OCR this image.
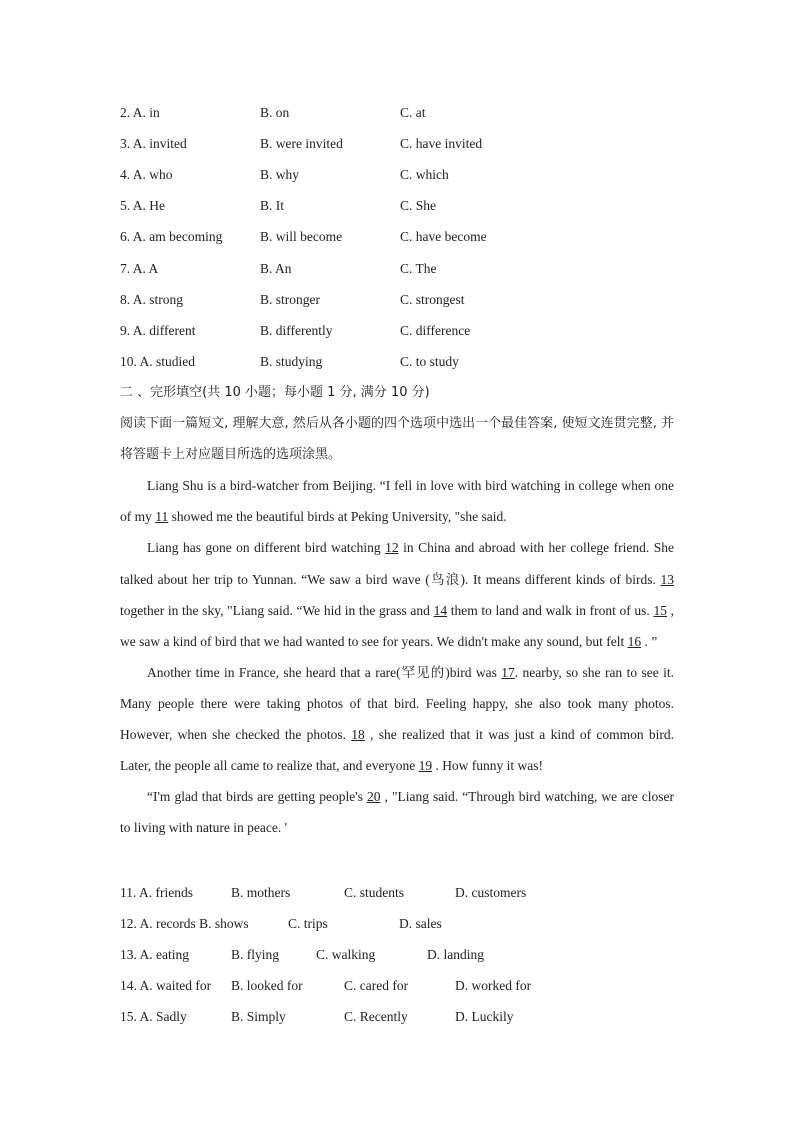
2. A. in	B. on	C. at
3. A. invited	B. were invited	C. have invited
4. A. who	B. why	C. which
5. A. He	B. It	C. She
6. A. am becoming	B. will become	C. have become
7. A. A	B. An	C. The
8. A. strong	B. stronger	C. strongest
9. A. different	B. differently	C. difference
10. A. studied	B. studying	C. to study

二 、完形填空(共 10 小题；每小题 1 分, 满分 10 分)

阅读下面一篇短文, 理解大意, 然后从各小题的四个选项中选出一个最佳答案, 使短文连贯完整, 并将答题卡上对应题目所选的选项涂黑。

Liang Shu is a bird-watcher from Beijing. “I fell in love with bird watching in college when one of my 11 showed me the beautiful birds at Peking University, "she said.

Liang has gone on different bird watching 12 in China and abroad with her college friend. She talked about her trip to Yunnan. “We saw a bird wave (鸟浪). It means different kinds of birds. 13 together in the sky, "Liang said. “We hid in the grass and 14 them to land and walk in front of us. 15 , we saw a kind of bird that we had wanted to see for years. We didn't make any sound, but felt 16 . ”

Another time in France, she heard that a rare(罕见的)bird was 17. nearby, so she ran to see it. Many people there were taking photos of that bird. Feeling happy, she also took many photos. However, when she checked the photos. 18 , she realized that it was just a kind of common bird. Later, the people all came to realize that, and everyone 19 . How funny it was!

“I'm glad that birds are getting people's 20 , "Liang said. “Through bird watching, we are closer to living with nature in peace. '

11. A. friends	B. mothers	C. students	D. customers
12. A. records B. shows	C. trips	D. sales
13. A. eating	B. flying	C. walking	D. landing
14. A. waited for B. looked for	C. cared for	D. worked for
15. A. Sadly	B. Simply	C. Recently	D. Luckily
